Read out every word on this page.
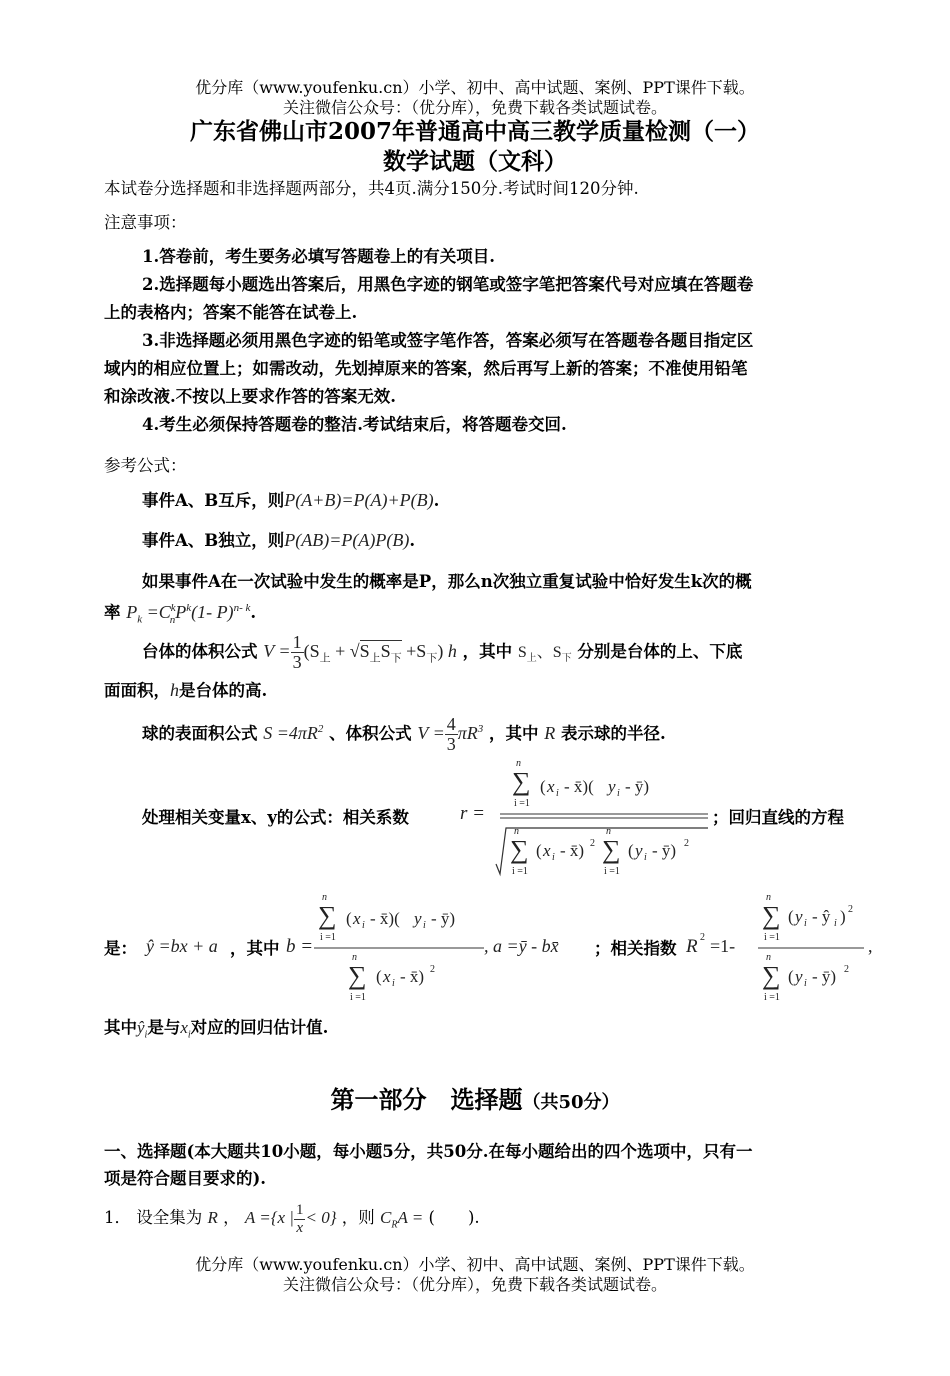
优分库（www.youfenku.cn）小学、初中、高中试题、案例、PPT课件下载。
关注微信公众号：（优分库），免费下载各类试题试卷。
广东省佛山市2007年普通高中高三教学质量检测（一）
数学试题（文科）
本试卷分选择题和非选择题两部分，共4页.满分150分.考试时间120分钟.
注意事项：
1.答卷前，考生要务必填写答题卷上的有关项目.
2.选择题每小题选出答案后，用黑色字迹的钢笔或签字笔把答案代号对应填在答题卷
上的表格内；答案不能答在试卷上.
3.非选择题必须用黑色字迹的铅笔或签字笔作答，答案必须写在答题卷各题目指定区
域内的相应位置上；如需改动，先划掉原来的答案，然后再写上新的答案；不准使用铅笔
和涂改液.不按以上要求作答的答案无效.
4.考生必须保持答题卷的整洁.考试结束后，将答题卷交回.
参考公式：
事件A、B互斥，则P(A+B)=P(A)+P(B).
事件A、B独立，则P(AB)=P(A)P(B).
如果事件A在一次试验中发生的概率是P，那么n次独立重复试验中恰好发生k次的概
率 $P_k =C^k_nP^k(1-$ P)$^{n- k}$.
台体的体积公式 $V = \frac{1}{3} (S_上 + √S_上S_下 +S_下)$ h ，其中 $S_上$、$S_下$ 分别是台体的上、下底
面面积，h是台体的高.
球的表面积公式 $S =4\pi R^2$ 、体积公式 $V = \frac{4}{3} \pi R^3$ ，其中 R 表示球的半径.
处理相关变量x、y的公式：相关系数	r =
∑
n
i =1
( x i - x̄)( y i - ȳ)
∑
n
i =1
( x i - x̄) 2 ∑
n
i =1
( y i - ȳ) 2
；回归直线的方程
是： ŷ =bx + a ，其中 b =
∑
n
i =1
( x i - x̄)( y i - ȳ)
∑
n
i =1
( x i - x̄) 2
, a =ȳ - bx̄ ；相关指数 R 2 =1-
∑
n
i =1
( y i - ŷ i ) 2
∑
n
i =1
( y i - ȳ) 2
,
其中$ŷ_i$是与$x_i$对应的回归估计值.
第一部分　选择题（共50分）
一、选择题(本大题共10小题，每小题5分，共50分.在每小题给出的四个选项中，只有一
项是符合题目要求的).
1． 设全集为 R ， A ={x | $\frac{1}{x} < 0$} ，则 $C_RA$ = (　　).
优分库（www.youfenku.cn）小学、初中、高中试题、案例、PPT课件下载。
关注微信公众号：（优分库），免费下载各类试题试卷。
